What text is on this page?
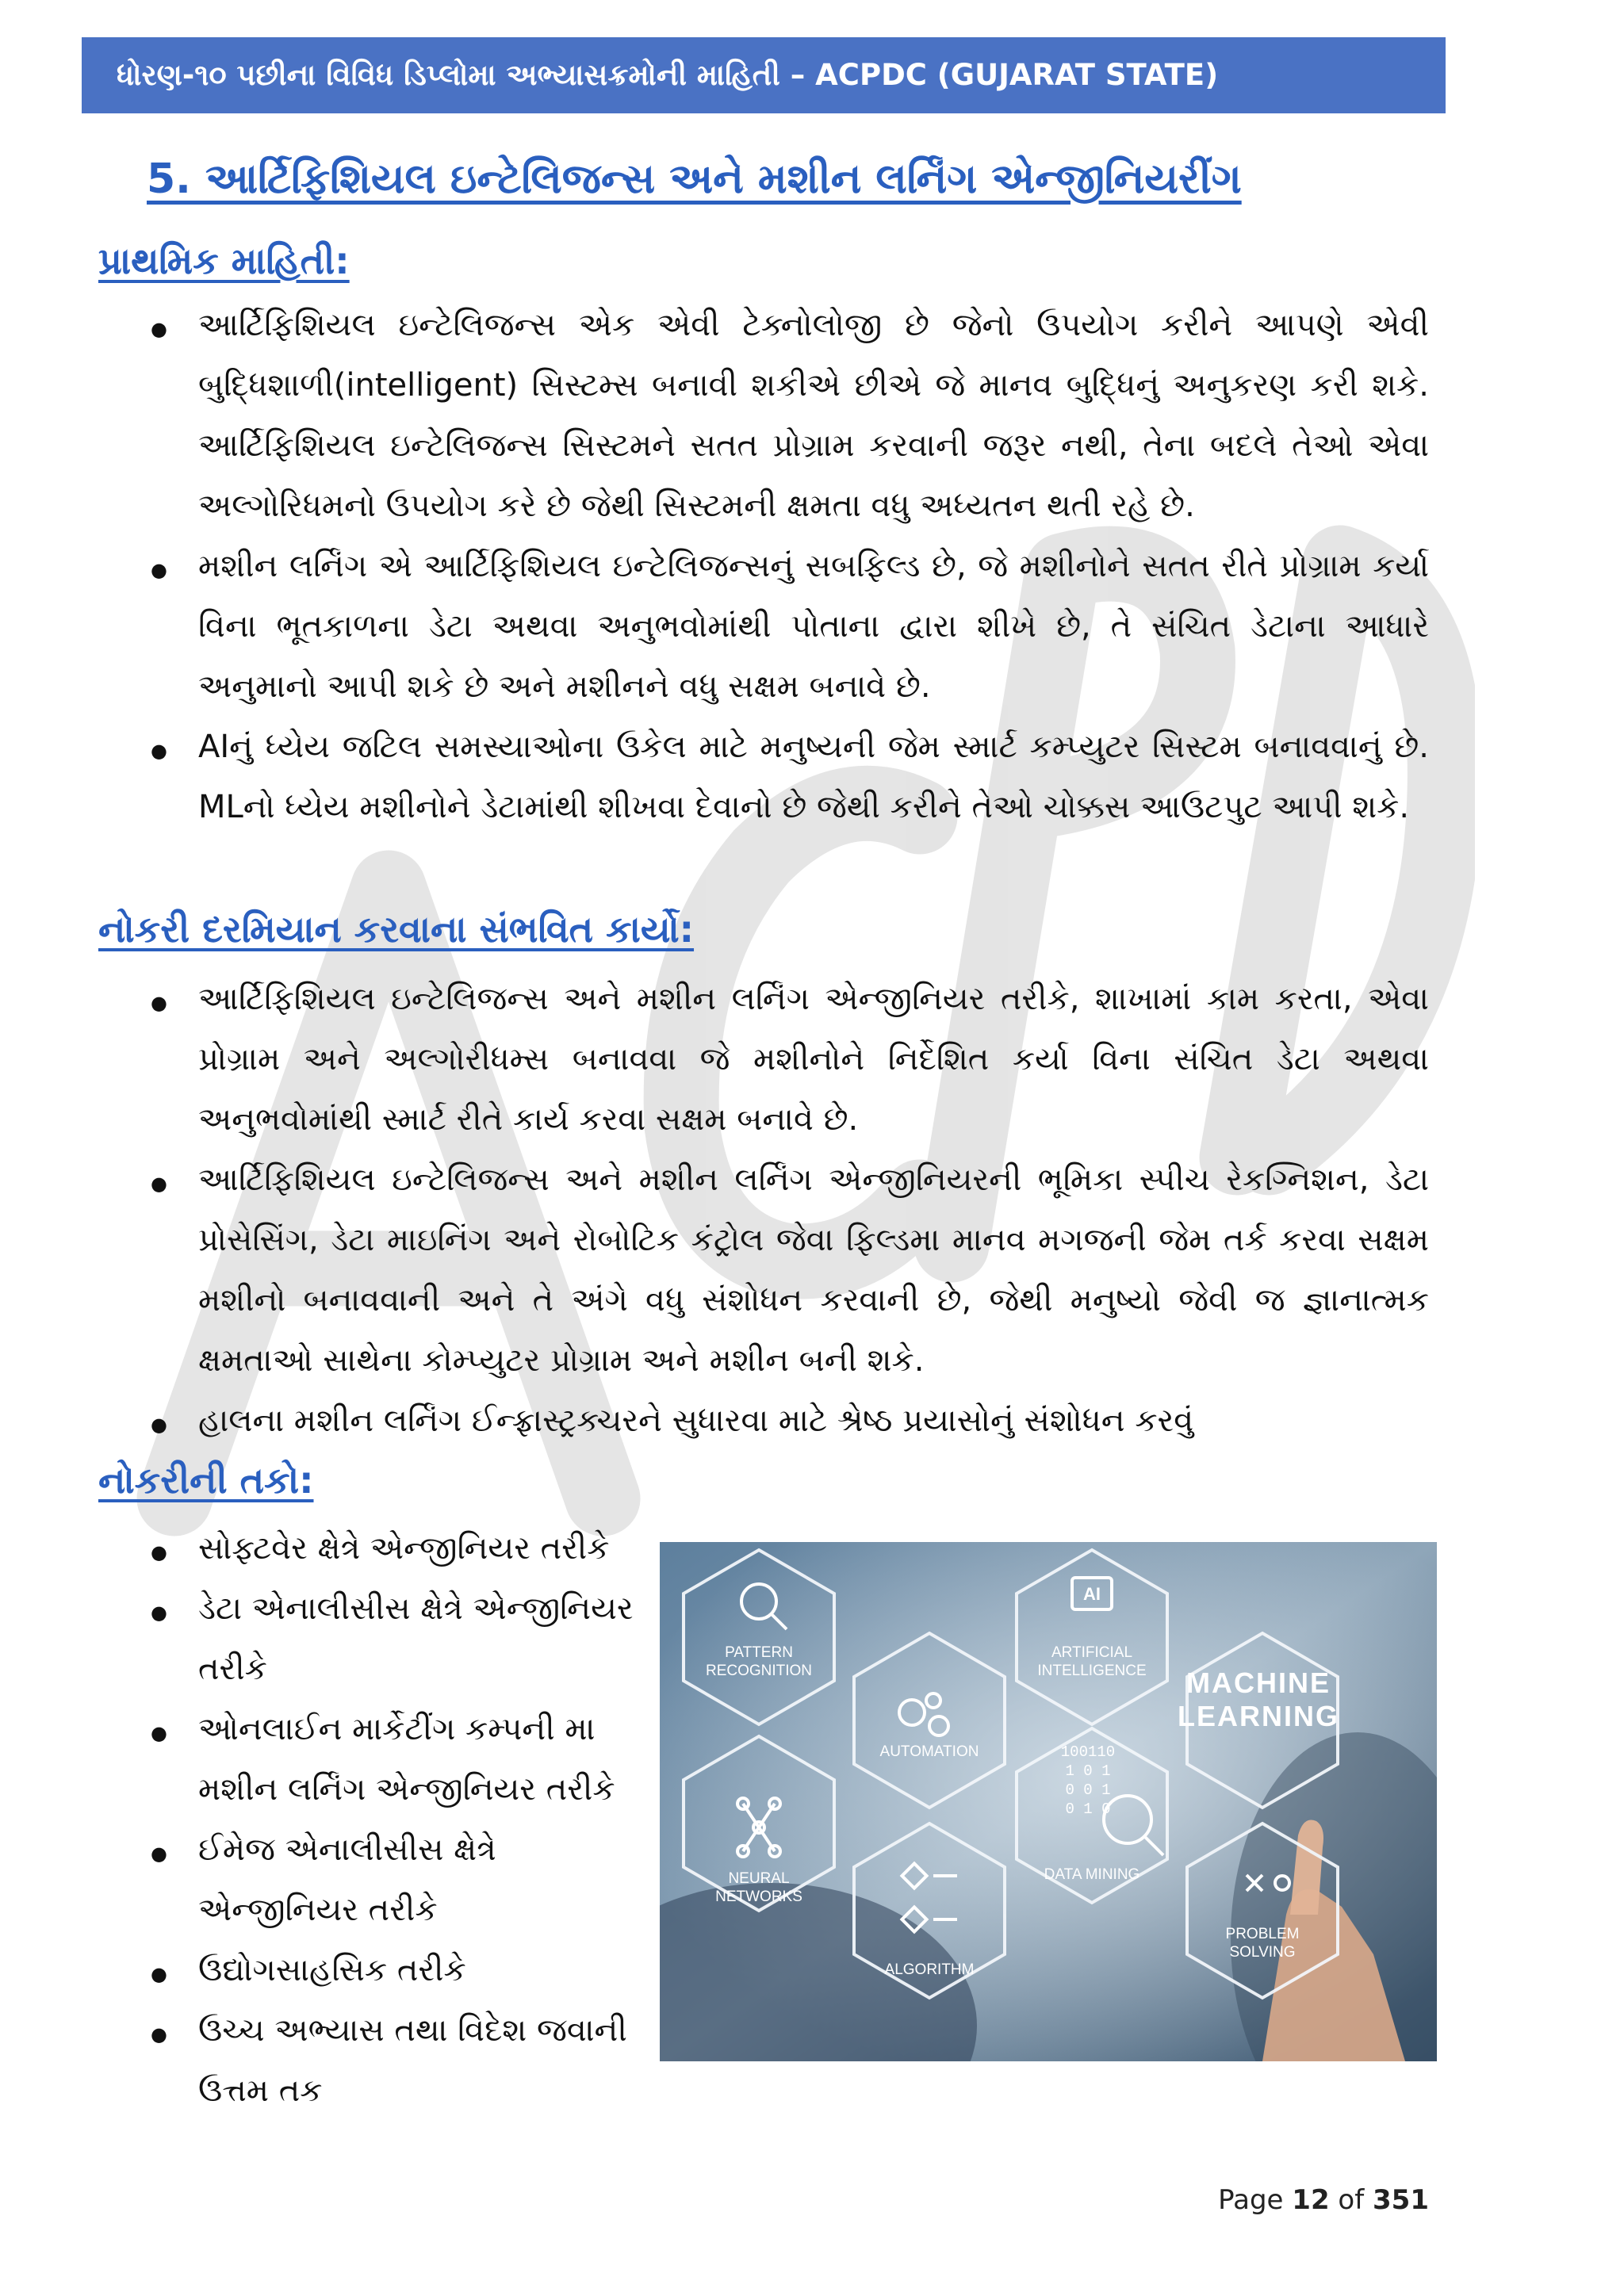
ધોરણ-૧૦ પછીના વિવિધ ડિપ્લોમા અભ્યાસક્રમોની માહિતી – ACPDC (GUJARAT STATE)
5. આર્ટિફિશિયલ ઇન્ટેલિજન્સ અને મશીન લર્નિંગ એન્જીનિયરીંગ
પ્રાથમિક માહિતી:
● આર્ટિફિશિયલ ઇન્ટેલિજન્સ એક એવી ટેક્નોલોજી છે જેનો ઉપયોગ કરીને આપણે એવી બુદ્ધિશાળી(intelligent) સિસ્ટમ્સ બનાવી શકીએ છીએ જે માનવ બુદ્ધિનું અનુકરણ કરી શકે. આર્ટિફિશિયલ ઇન્ટેલિજન્સ સિસ્ટમને સતત પ્રોગ્રામ કરવાની જરૂર નથી, તેના બદલે તેઓ એવા અલ્ગોરિધમનો ઉપયોગ કરે છે જેથી સિસ્ટમની ક્ષમતા વધુ અધ્યતન થતી રહે છે.
● મશીન લર્નિંગ એ આર્ટિફિશિયલ ઇન્ટેલિજન્સનું સબફિલ્ડ છે, જે મશીનોને સતત રીતે પ્રોગ્રામ કર્યા વિના ભૂતકાળના ડેટા અથવા અનુભવોમાંથી પોતાના દ્વારા શીખે છે, તે સંચિત ડેટાના આધારે અનુમાનો આપી શકે છે અને મશીનને વધુ સક્ષમ બનાવે છે.
● AIનું ધ્યેય જટિલ સમસ્યાઓના ઉકેલ માટે મનુષ્યની જેમ સ્માર્ટ કમ્પ્યુટર સિસ્ટમ બનાવવાનું છે. MLનો ધ્યેય મશીનોને ડેટામાંથી શીખવા દેવાનો છે જેથી કરીને તેઓ ચોક્કસ આઉટપુટ આપી શકે.
નોકરી દરમિયાન કરવાના સંભવિત કાર્યો:
● આર્ટિફિશિયલ ઇન્ટેલિજન્સ અને મશીન લર્નિંગ એન્જીનિયર તરીકે, શાખામાં કામ કરતા, એવા પ્રોગ્રામ અને અલ્ગોરીધમ્સ બનાવવા જે મશીનોને નિર્દેશિત કર્યા વિના સંચિત ડેટા અથવા અનુભવોમાંથી સ્માર્ટ રીતે કાર્ય કરવા સક્ષમ બનાવે છે.
● આર્ટિફિશિયલ ઇન્ટેલિજન્સ અને મશીન લર્નિંગ એન્જીનિયરની ભૂમિકા સ્પીચ રેકગ્નિશન, ડેટા પ્રોસેસિંગ, ડેટા માઇનિંગ અને રોબોટિક કંટ્રોલ જેવા ફિલ્ડમા માનવ મગજની જેમ તર્ક કરવા સક્ષમ મશીનો બનાવવાની અને તે અંગે વધુ સંશોધન કરવાની છે, જેથી મનુષ્યો જેવી જ જ્ઞાનાત્મક ક્ષમતાઓ સાથેના કોમ્પ્યુટર પ્રોગ્રામ અને મશીન બની શકે.
● હાલના મશીન લર્નિંગ ઈન્ફ્રાસ્ટ્રક્ચરને સુધારવા માટે શ્રેષ્ઠ પ્રયાસોનું સંશોધન કરવું
નોકરીની તકો:
● સોફ્ટવેર ક્ષેત્રે એન્જીનિયર તરીકે
● ડેટા એનાલીસીસ ક્ષેત્રે એન્જીનિયર તરીકે
● ઓનલાઈન માર્કેટીંગ કમ્પની મા મશીન લર્નિંગ એન્જીનિયર તરીકે
● ઈમેજ એનાલીસીસ ક્ષેત્રે એન્જીનિયર તરીકે
● ઉદ્યોગસાહસિક તરીકે
● ઉચ્ચ અભ્યાસ તથા વિદેશ જવાની ઉત્તમ તક
PATTERN
RECOGNITION
AI
ARTIFICIAL
INTELLIGENCE MACHINE
LEARNING
AUTOMATION	100110
1 0 1
0 0 1
0 1 0
DATA MINING
NEURAL
NETWORKS
ALGORITHM
PROBLEM
SOLVING
Page 12 of 351
